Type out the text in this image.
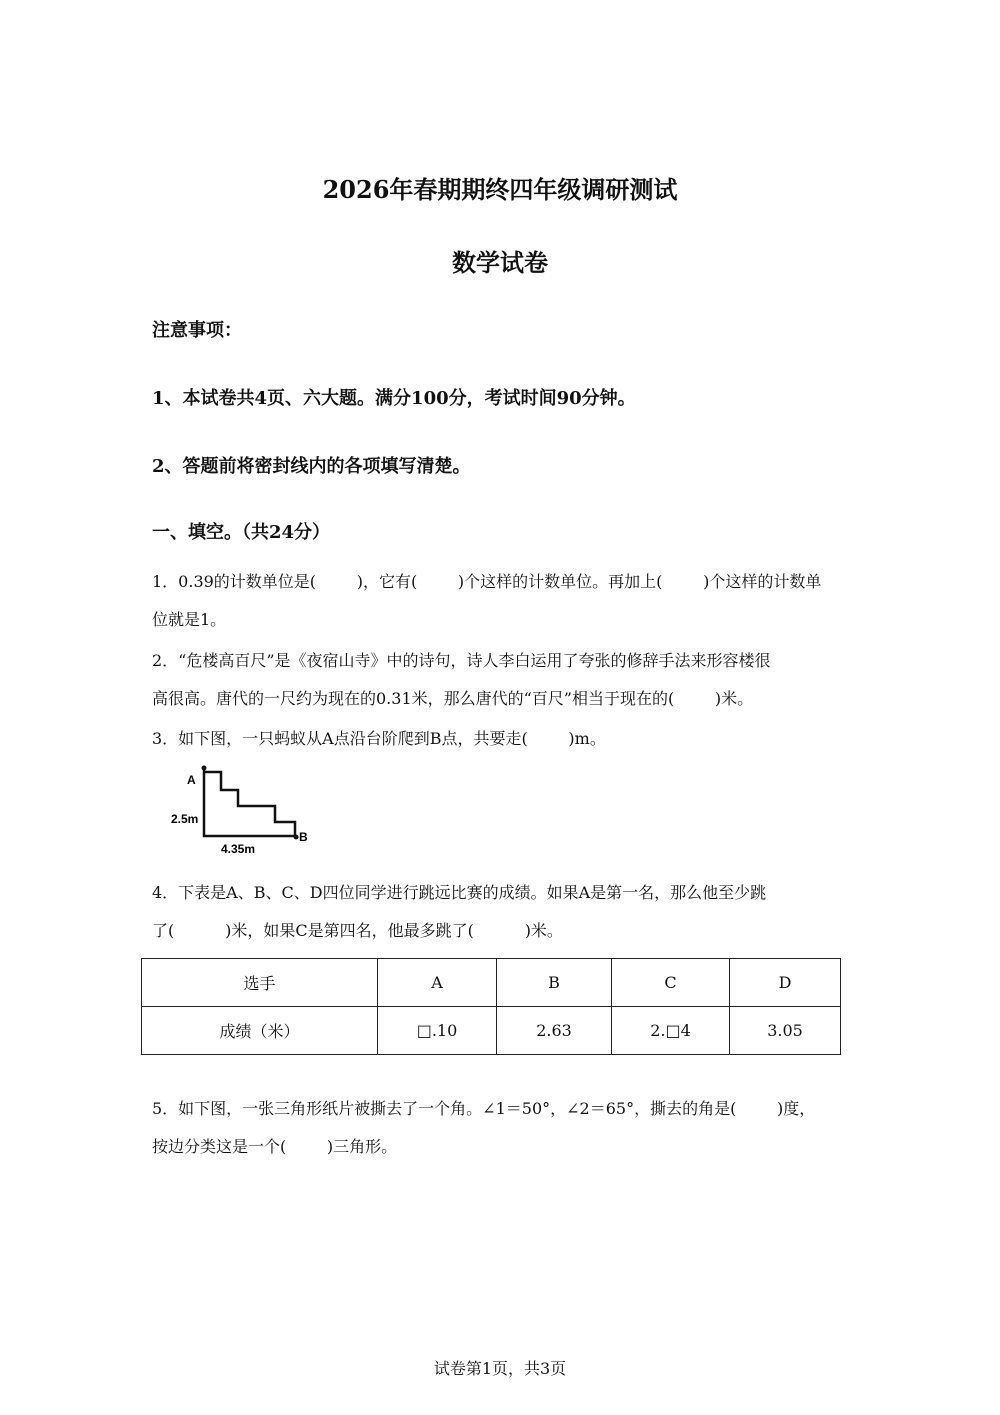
2026年春期期终四年级调研测试
数学试卷
注意事项：
1、本试卷共4页、六大题。满分100分，考试时间90分钟。
2、答题前将密封线内的各项填写清楚。
一、填空。（共24分）
1．0.39的计数单位是(        )，它有(        )个这样的计数单位。再加上(        )个这样的计数单
位就是1。
2．“危楼高百尺”是《夜宿山寺》中的诗句，诗人李白运用了夸张的修辞手法来形容楼很
高很高。唐代的一尺约为现在的0.31米，那么唐代的“百尺”相当于现在的(        )米。
3．如下图，一只蚂蚁从A点沿台阶爬到B点，共要走(        )m。
A
B
2.5m
4.35m
4．下表是A、B、C、D四位同学进行跳远比赛的成绩。如果A是第一名，那么他至少跳
了(          )米，如果C是第四名，他最多跳了(          )米。
选手	A	B	C	D
成绩（米）	□.10	2.63	2.□4	3.05
5．如下图，一张三角形纸片被撕去了一个角。∠1＝50°，∠2＝65°，撕去的角是(        )度，
按边分类这是一个(        )三角形。
试卷第1页，共3页
